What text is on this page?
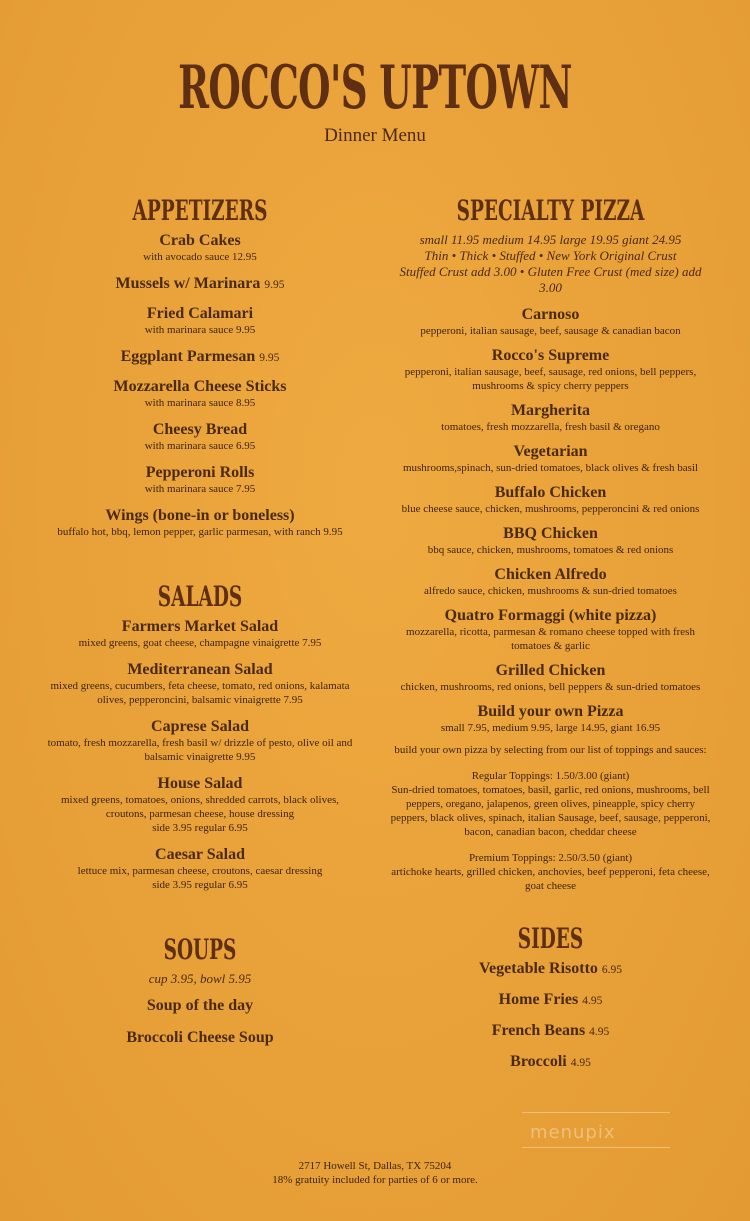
ROCCO'S UPTOWN
Dinner Menu
APPETIZERS
Crab Cakes
with avocado sauce 12.95
Mussels w/ Marinara 9.95
Fried Calamari
with marinara sauce 9.95
Eggplant Parmesan 9.95
Mozzarella Cheese Sticks
with marinara sauce 8.95
Cheesy Bread
with marinara sauce 6.95
Pepperoni Rolls
with marinara sauce 7.95
Wings (bone-in or boneless)
buffalo hot, bbq, lemon pepper, garlic parmesan, with ranch 9.95
SALADS
Farmers Market Salad
mixed greens, goat cheese, champagne vinaigrette 7.95
Mediterranean Salad
mixed greens, cucumbers, feta cheese, tomato, red onions, kalamata olives, pepperoncini, balsamic vinaigrette 7.95
Caprese Salad
tomato, fresh mozzarella, fresh basil w/ drizzle of pesto, olive oil and balsamic vinaigrette 9.95
House Salad
mixed greens, tomatoes, onions, shredded carrots, black olives, croutons, parmesan cheese, house dressing
side 3.95 regular 6.95
Caesar Salad
lettuce mix, parmesan cheese, croutons, caesar dressing
side 3.95 regular 6.95
SOUPS
cup 3.95, bowl 5.95
Soup of the day
Broccoli Cheese Soup
SPECIALTY PIZZA
small 11.95 medium 14.95 large 19.95 giant 24.95
Thin • Thick • Stuffed • New York Original Crust
Stuffed Crust add 3.00 • Gluten Free Crust (med size) add 3.00
Carnoso
pepperoni, italian sausage, beef, sausage & canadian bacon
Rocco's Supreme
pepperoni, italian sausage, beef, sausage, red onions, bell peppers, mushrooms & spicy cherry peppers
Margherita
tomatoes, fresh mozzarella, fresh basil & oregano
Vegetarian
mushrooms,spinach, sun-dried tomatoes, black olives & fresh basil
Buffalo Chicken
blue cheese sauce, chicken, mushrooms, pepperoncini & red onions
BBQ Chicken
bbq sauce, chicken, mushrooms, tomatoes & red onions
Chicken Alfredo
alfredo sauce, chicken, mushrooms & sun-dried tomatoes
Quatro Formaggi (white pizza)
mozzarella, ricotta, parmesan & romano cheese topped with fresh tomatoes & garlic
Grilled Chicken
chicken, mushrooms, red onions, bell peppers & sun-dried tomatoes
Build your own Pizza
small 7.95, medium 9.95, large 14.95, giant 16.95
build your own pizza by selecting from our list of toppings and sauces:
Regular Toppings: 1.50/3.00 (giant)
Sun-dried tomatoes, tomatoes, basil, garlic, red onions, mushrooms, bell peppers, oregano, jalapenos, green olives, pineapple, spicy cherry peppers, black olives, spinach, italian Sausage, beef, sausage, pepperoni, bacon, canadian bacon, cheddar cheese
Premium Toppings: 2.50/3.50 (giant)
artichoke hearts, grilled chicken, anchovies, beef pepperoni, feta cheese, goat cheese
SIDES
Vegetable Risotto 6.95
Home Fries 4.95
French Beans 4.95
Broccoli 4.95
menupix
2717 Howell St, Dallas, TX 75204
18% gratuity included for parties of 6 or more.
